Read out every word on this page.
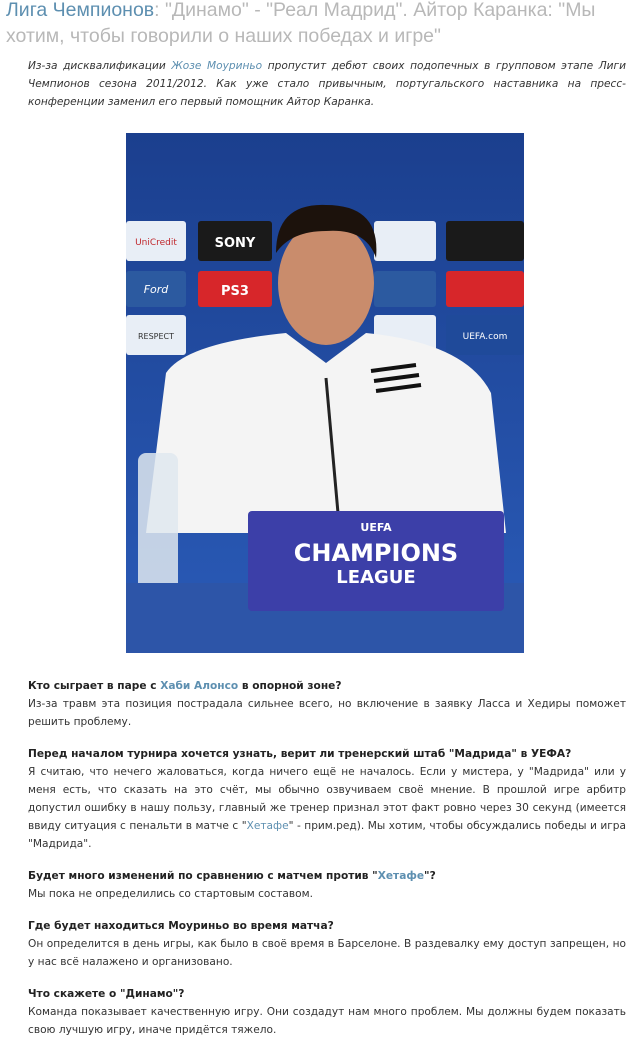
Лига Чемпионов: "Динамо" - "Реал Мадрид". Айтор Каранка: "Мы хотим, чтобы говорили о наших победах и игре"
Из-за дисквалификации Жозе Моуриньо пропустит дебют своих подопечных в групповом этапе Лиги Чемпионов сезона 2011/2012. Как уже стало привычным, португальского наставника на пресс-конференции заменил его первый помощник Айтор Каранка.
UniCredit
Ford
RESPECT	UEFA.com
SONY
PS3
UEFA
CHAMPIONS
LEAGUE
Кто сыграет в паре с Хаби Алонсо в опорной зоне?
Из-за травм эта позиция пострадала сильнее всего, но включение в заявку Ласса и Хедиры поможет решить проблему.
Перед началом турнира хочется узнать, верит ли тренерский штаб "Мадрида" в УЕФА?
Я считаю, что нечего жаловаться, когда ничего ещё не началось. Если у мистера, у "Мадрида" или у меня есть, что сказать на это счёт, мы обычно озвучиваем своё мнение. В прошлой игре арбитр допустил ошибку в нашу пользу, главный же тренер признал этот факт ровно через 30 секунд (имеется ввиду ситуация с пенальти в матче с "Хетафе" - прим.ред). Мы хотим, чтобы обсуждались победы и игра "Мадрида".
Будет много изменений по сравнению с матчем против "Хетафе"?
Мы пока не определились со стартовым составом.
Где будет находиться Моуриньо во время матча?
Он определится в день игры, как было в своё время в Барселоне. В раздевалку ему доступ запрещен, но у нас всё налажено и организовано.
Что скажете о "Динамо"?
Команда показывает качественную игру. Они создадут нам много проблем. Мы должны будем показать свою лучшую игру, иначе придётся тяжело.
